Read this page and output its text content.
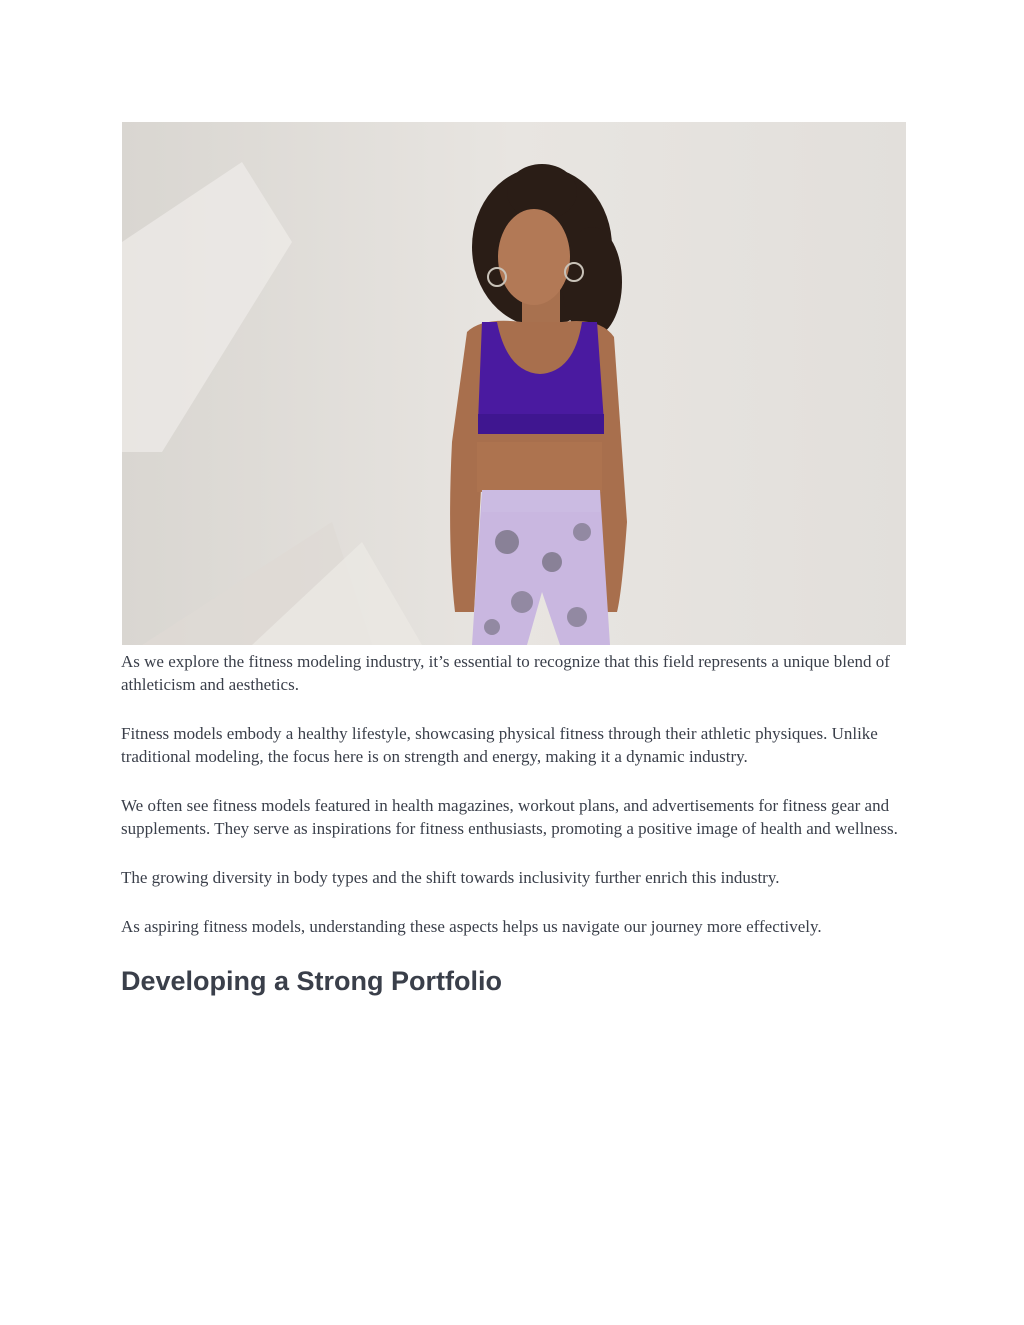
As we explore the fitness modeling industry, it’s essential to recognize that this field represents a unique blend of athleticism and aesthetics.

Fitness models embody a healthy lifestyle, showcasing physical fitness through their athletic physiques. Unlike traditional modeling, the focus here is on strength and energy, making it a dynamic industry.

We often see fitness models featured in health magazines, workout plans, and advertisements for fitness gear and supplements. They serve as inspirations for fitness enthusiasts, promoting a positive image of health and wellness.

The growing diversity in body types and the shift towards inclusivity further enrich this industry.

As aspiring fitness models, understanding these aspects helps us navigate our journey more effectively.

Developing a Strong Portfolio
